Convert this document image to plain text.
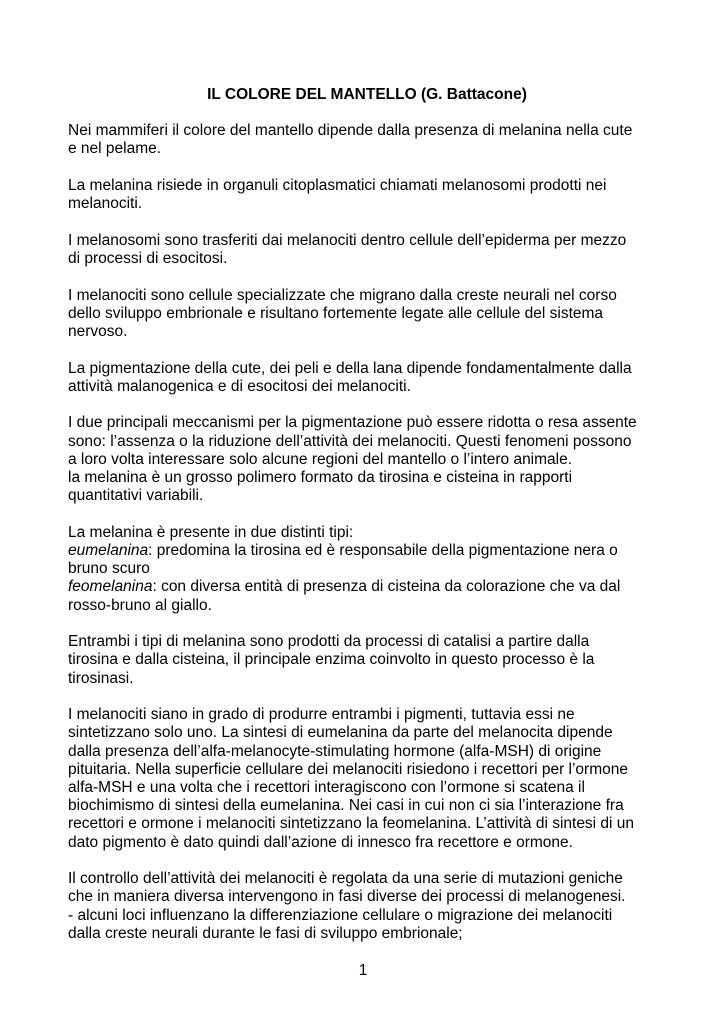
IL COLORE DEL MANTELLO (G. Battacone)

Nei mammiferi il colore del mantello dipende dalla presenza di melanina nella cute
e nel pelame.

La melanina risiede in organuli citoplasmatici chiamati melanosomi prodotti nei
melanociti.

I melanosomi sono trasferiti dai melanociti dentro cellule dell’epiderma per mezzo
di processi di esocitosi.

I melanociti sono cellule specializzate che migrano dalla creste neurali nel corso
dello sviluppo embrionale e risultano fortemente legate alle cellule del sistema
nervoso.

La pigmentazione della cute, dei peli e della lana dipende fondamentalmente dalla
attività malanogenica e di esocitosi dei melanociti.

I due principali meccanismi per la pigmentazione può essere ridotta o resa assente
sono: l’assenza o la riduzione dell’attività dei melanociti. Questi fenomeni possono
a loro volta interessare solo alcune regioni del mantello o l’intero animale.
la melanina è un grosso polimero formato da tirosina e cisteina in rapporti
quantitativi variabili.

La melanina è presente in due distinti tipi:
eumelanina: predomina la tirosina ed è responsabile della pigmentazione nera o
bruno scuro
feomelanina: con diversa entità di presenza di cisteina da colorazione che va dal
rosso-bruno al giallo.

Entrambi i tipi di melanina sono prodotti da processi di catalisi a partire dalla
tirosina e dalla cisteina, il principale enzima coinvolto in questo processo è la
tirosinasi.

I melanociti siano in grado di produrre entrambi i pigmenti, tuttavia essi ne
sintetizzano solo uno. La sintesi di eumelanina da parte del melanocita dipende
dalla presenza dell’alfa-melanocyte-stimulating hormone (alfa-MSH) di origine
pituitaria. Nella superficie cellulare dei melanociti risiedono i recettori per l’ormone
alfa-MSH e una volta che i recettori interagiscono con l’ormone si scatena il
biochimismo di sintesi della eumelanina. Nei casi in cui non ci sia l’interazione fra
recettori e ormone i melanociti sintetizzano la feomelanina. L’attività di sintesi di un
dato pigmento è dato quindi dall’azione di innesco fra recettore e ormone.

Il controllo dell’attività dei melanociti è regolata da una serie di mutazioni geniche
che in maniera diversa intervengono in fasi diverse dei processi di melanogenesi.
- alcuni loci influenzano la differenziazione cellulare o migrazione dei melanociti
dalla creste neurali durante le fasi di sviluppo embrionale;

1
